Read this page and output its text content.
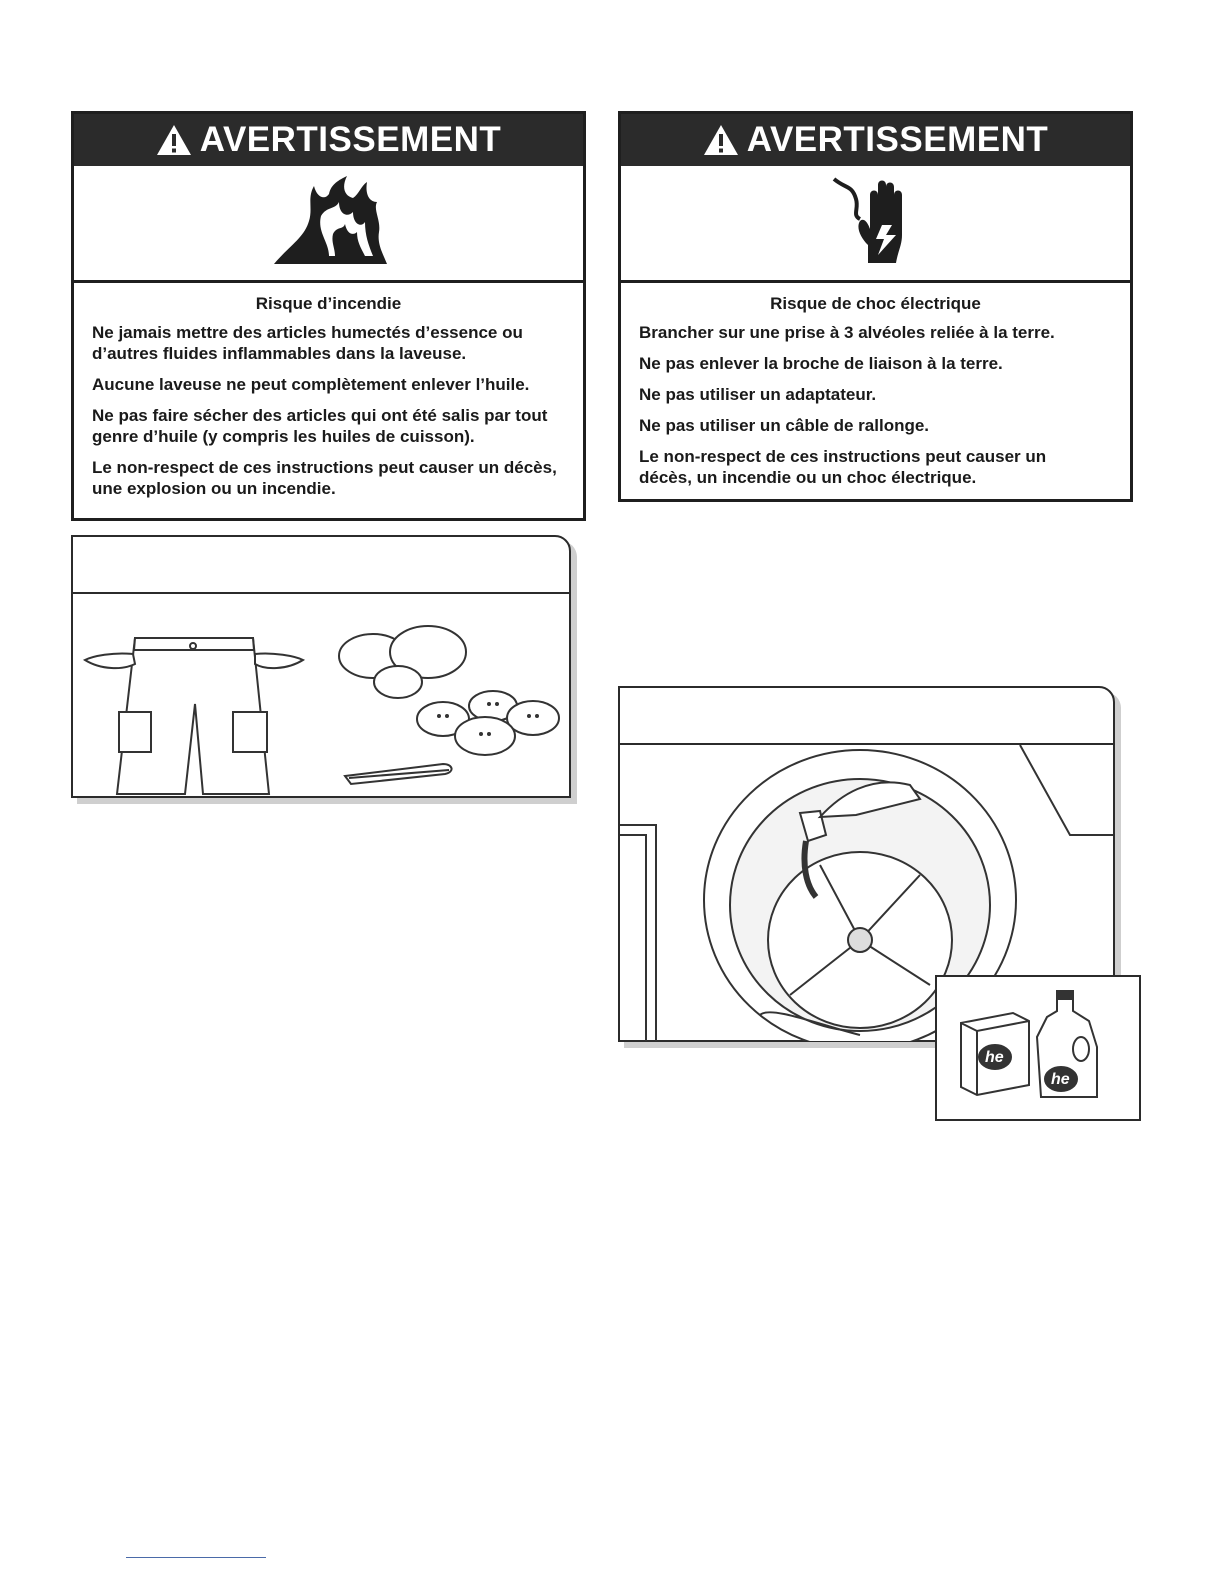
AVERTISSEMENT
Risque d’incendie

Ne jamais mettre des articles humectés d’essence ou d’autres fluides inflammables dans la laveuse.

Aucune laveuse ne peut complètement enlever l’huile.

Ne pas faire sécher des articles qui ont été salis par tout genre d’huile (y compris les huiles de cuisson).

Le non-respect de ces instructions peut causer un décès, une explosion ou un incendie.

AVERTISSEMENT
Risque de choc électrique

Brancher sur une prise à 3 alvéoles reliée à la terre.

Ne pas enlever la broche de liaison à la terre.

Ne pas utiliser un adaptateur.

Ne pas utiliser un câble de rallonge.

Le non-respect de ces instructions peut causer un décès, un incendie ou un choc électrique.

he
he
